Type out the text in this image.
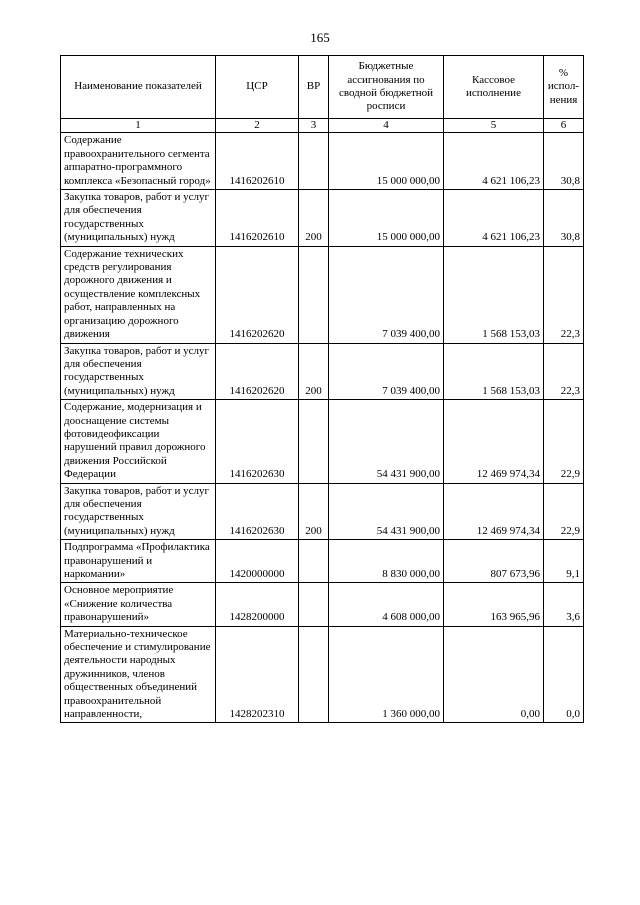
165
Наименование показателей	ЦСР	ВР	Бюджетные ассигнования по сводной бюджетной росписи	Кассовое исполнение	% испол-нения
1	2	3	4	5	6
Содержание правоохранительного сегмента аппаратно-программного комплекса «Безопасный город»	1416202610		15 000 000,00	4 621 106,23	30,8
Закупка товаров, работ и услуг для обеспечения государственных (муниципальных) нужд	1416202610	200	15 000 000,00	4 621 106,23	30,8
Содержание технических средств регулирования дорожного движения и осуществление комплексных работ, направленных на организацию дорожного движения	1416202620		7 039 400,00	1 568 153,03	22,3
Закупка товаров, работ и услуг для обеспечения государственных (муниципальных) нужд	1416202620	200	7 039 400,00	1 568 153,03	22,3
Содержание, модернизация и дооснащение системы фотовидеофиксации нарушений правил дорожного движения Российской Федерации	1416202630		54 431 900,00	12 469 974,34	22,9
Закупка товаров, работ и услуг для обеспечения государственных (муниципальных) нужд	1416202630	200	54 431 900,00	12 469 974,34	22,9
Подпрограмма «Профилактика правонарушений и наркомании»	1420000000		8 830 000,00	807 673,96	9,1
Основное мероприятие «Снижение количества правонарушений»	1428200000		4 608 000,00	163 965,96	3,6
Материально-техническое обеспечение и стимулирование деятельности народных дружинников, членов общественных объединений правоохранительной направленности,	1428202310		1 360 000,00	0,00	0,0
